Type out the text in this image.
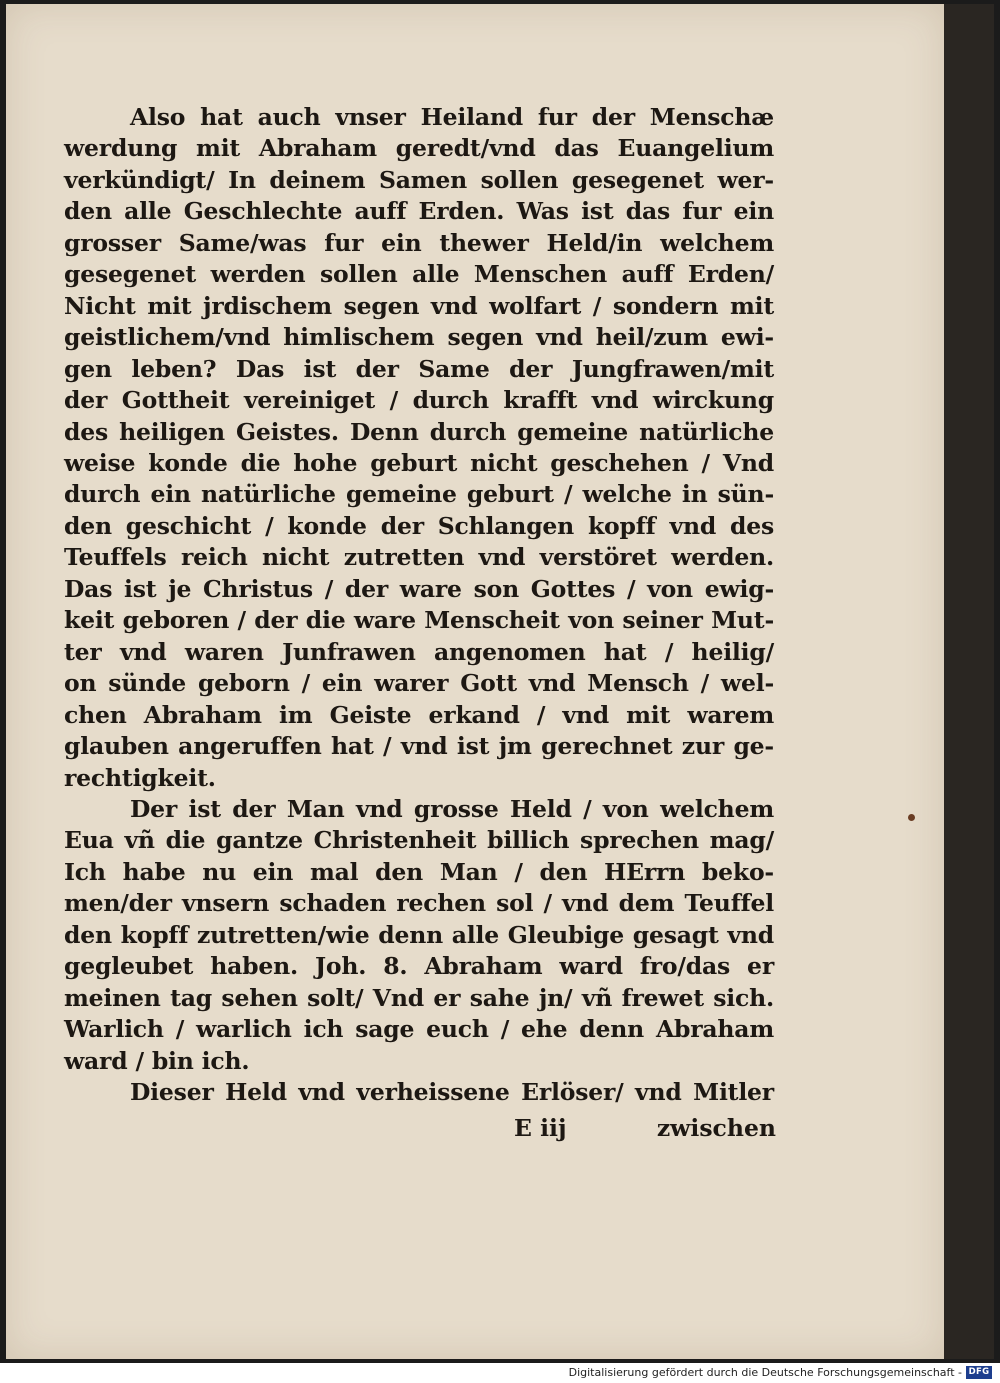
Also hat auch vnser Heiland fur der Menschæ
werdung mit Abraham geredt/vnd das Euangelium
verkündigt/ In deinem Samen sollen gesegenet wer‑
den alle Geschlechte auff Erden. Was ist das fur ein
grosser Same/was fur ein thewer Held/in welchem
gesegenet werden sollen alle Menschen auff Erden/
Nicht mit jrdischem segen vnd wolfart / sondern mit
geistlichem/vnd himlischem segen vnd heil/zum ewi‑
gen leben? Das ist der Same der Jungfrawen/mit
der Gottheit vereiniget / durch krafft vnd wirckung
des heiligen Geistes. Denn durch gemeine natürliche
weise konde die hohe geburt nicht geschehen / Vnd
durch ein natürliche gemeine geburt / welche in sün‑
den geschicht / konde der Schlangen kopff vnd des
Teuffels reich nicht zutretten vnd verstöret werden.
Das ist je Christus / der ware son Gottes / von ewig‑
keit geboren / der die ware Menscheit von seiner Mut‑
ter vnd waren Junfrawen angenomen hat / heilig/
on sünde geborn / ein warer Gott vnd Mensch / wel‑
chen Abraham im Geiste erkand / vnd mit warem
glauben angeruffen hat / vnd ist jm gerechnet zur ge‑
rechtigkeit.
Der ist der Man vnd grosse Held / von welchem
Eua vñ die gantze Christenheit billich sprechen mag/
Ich habe nu ein mal den Man / den HErrn beko‑
men/der vnsern schaden rechen sol / vnd dem Teuffel
den kopff zutretten/wie denn alle Gleubige gesagt vnd
gegleubet haben. Joh. 8. Abraham ward fro/das er
meinen tag sehen solt/ Vnd er sahe jn/ vñ frewet sich.
Warlich / warlich ich sage euch / ehe denn Abraham
ward / bin ich.
Dieser Held vnd verheissene Erlöser/ vnd Mitler
E iij	zwischen
Digitalisierung gefördert durch die Deutsche Forschungsgemeinschaft - DFG
